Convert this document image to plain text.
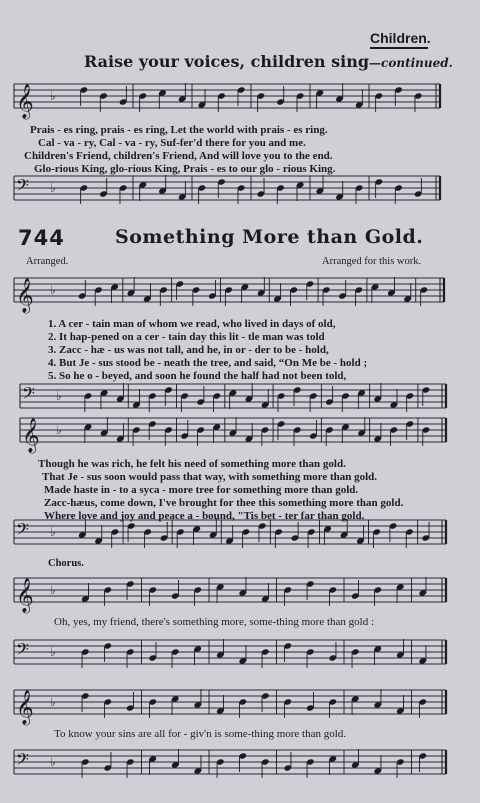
Children.
Raise your voices, children sing—continued.
𝄞 ♭
𝄢 ♭
𝄞 ♭
𝄢 ♭
𝄞 ♭
𝄢 ♭
𝄞 ♭
𝄢 ♭
𝄞 ♭
𝄢 ♭
Prais - es ring, prais - es ring, Let the world with prais - es ring.
Cal - va - ry, Cal - va - ry, Suf-fer'd there for you and me.
Children's Friend, children's Friend, And will love you to the end.
Glo-rious King, glo-rious King, Prais - es to our glo - rious King.
744	Something More than Gold.
Arranged.	Arranged for this work.
1. A cer - tain man of whom we read, who lived in days of old,
2. It hap-pened on a cer - tain day this lit - tle man was told
3. Zacc - hæ - us was not tall, and he, in or - der to be - hold,
4. But Je - sus stood be - neath the tree, and said, “On Me be - hold ;
5. So he o - beyed, and soon he found the half had not been told,
Though he was rich, he felt his need of something more than gold.
That Je - sus soon would pass that way, with something more than gold.
Made haste in - to a syca - more tree for something more than gold.
Zacc-hæus, come down, I've brought for thee this something more than gold.
Where love and joy and peace a - bound, "Tis bet - ter far than gold.
Chorus.
Oh, yes, my friend, there's something more, some-thing more than gold :
To know your sins are all for - giv'n is some-thing more than gold.
